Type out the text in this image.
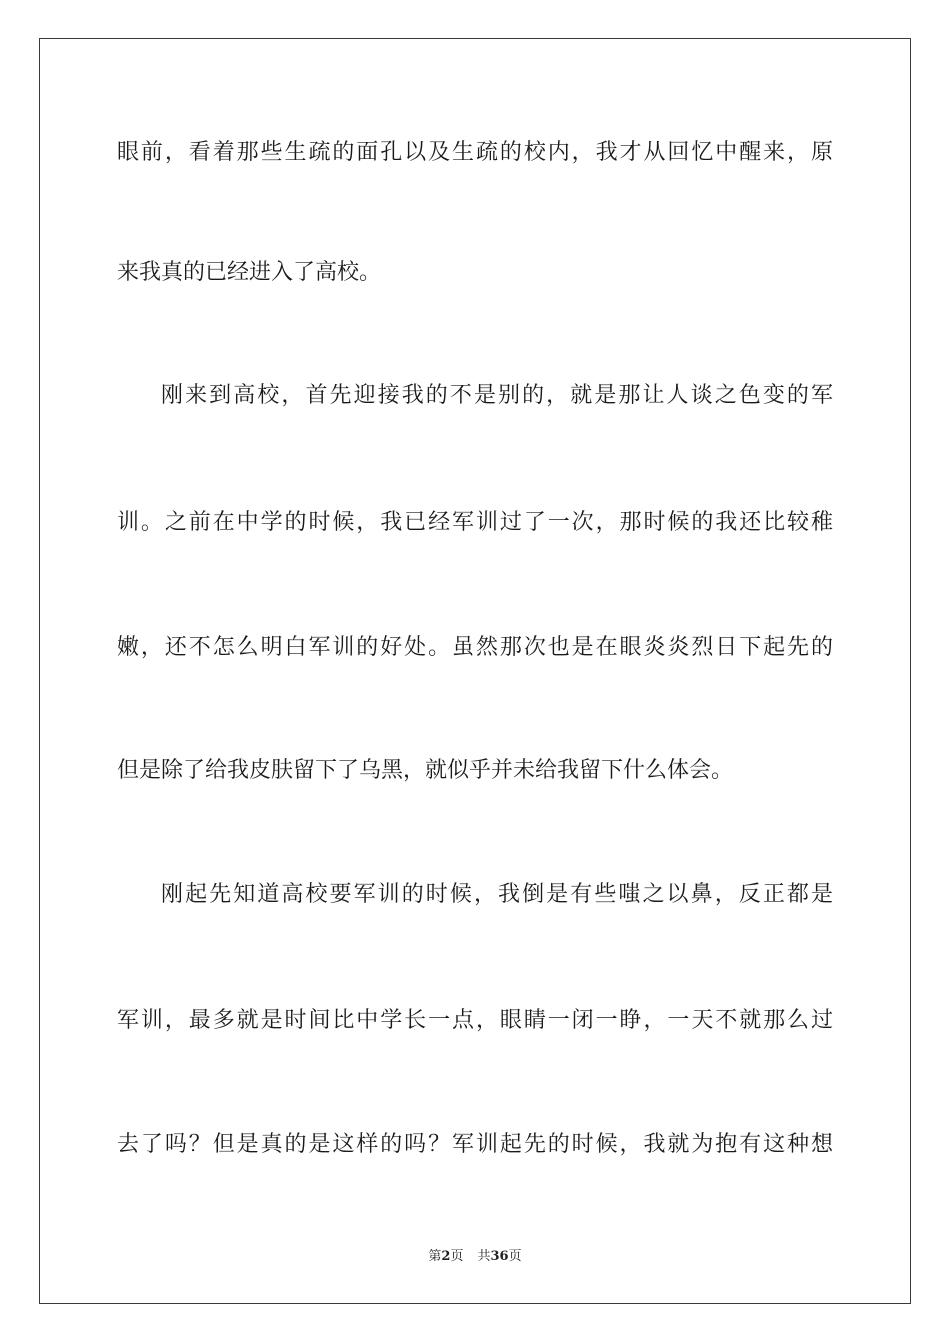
眼前，看着那些生疏的面孔以及生疏的校内，我才从回忆中醒来，原
来我真的已经进入了高校。
刚来到高校，首先迎接我的不是别的，就是那让人谈之色变的军
训。之前在中学的时候，我已经军训过了一次，那时候的我还比较稚
嫩，还不怎么明白军训的好处。虽然那次也是在眼炎炎烈日下起先的
但是除了给我皮肤留下了乌黑，就似乎并未给我留下什么体会。
刚起先知道高校要军训的时候，我倒是有些嗤之以鼻，反正都是
军训，最多就是时间比中学长一点，眼睛一闭一睁，一天不就那么过
去了吗？但是真的是这样的吗？军训起先的时候，我就为抱有这种想
第2页 共36页
